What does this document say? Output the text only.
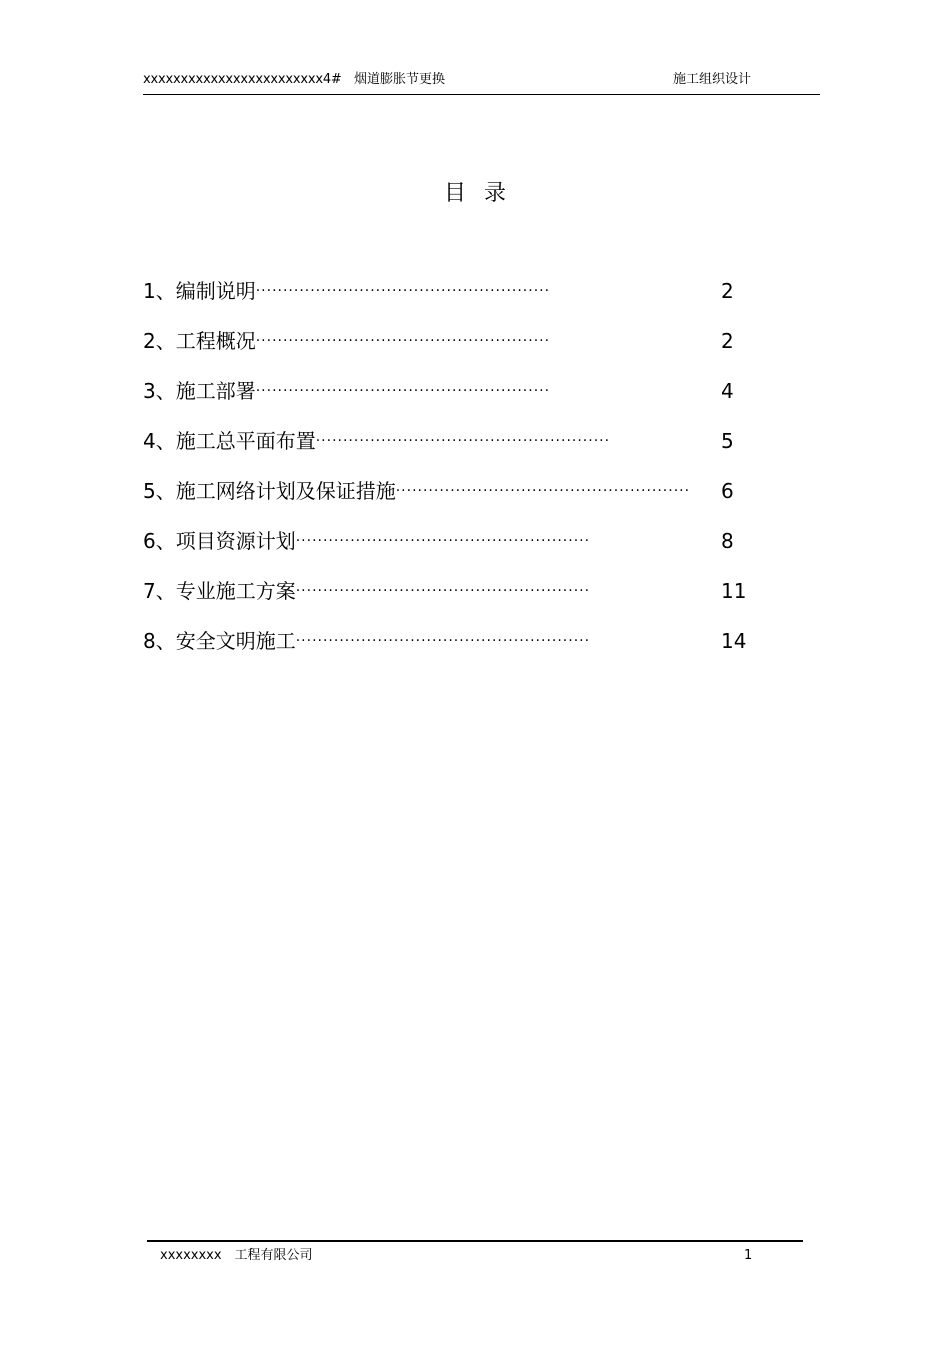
xxxxxxxxxxxxxxxxxxxxxxxx4# 烟道膨胀节更换	施工组织设计
目录
1、编制说明······················································	2
2、工程概况······················································	2
3、施工部署······················································	4
4、施工总平面布置······················································	5
5、施工网络计划及保证措施······················································ 6
6、项目资源计划······················································	8
7、专业施工方案······················································	11
8、安全文明施工······················································	14
xxxxxxxx　工程有限公司	1
